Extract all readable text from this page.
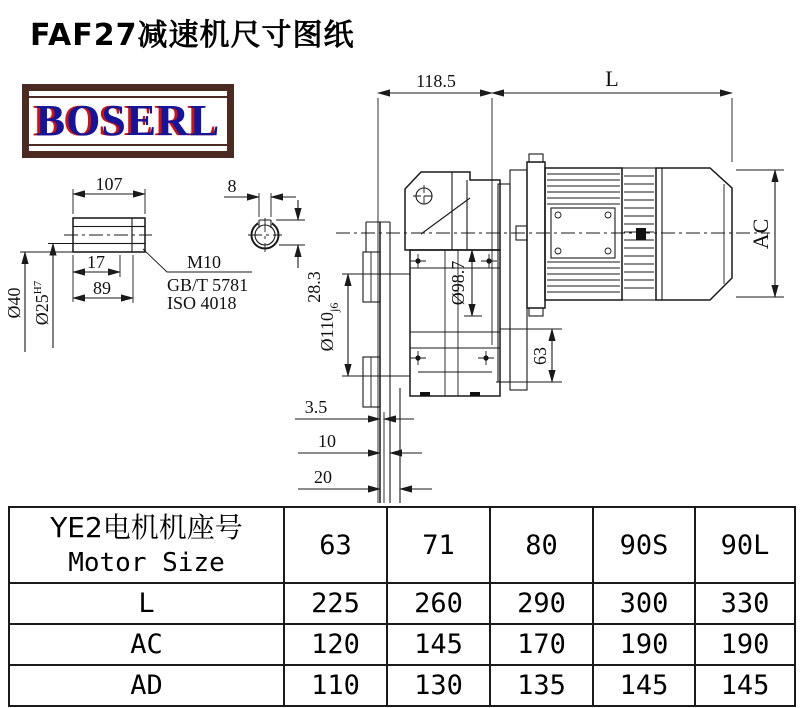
FAF27减速机尺寸图纸
BOSERL
107
Ø40 $Ø25^{H7}$
17
89
M10
GB/T 5781
ISO 4018
8
28.3
118.5	L
AC
$Ø110_{j6}$
Ø98.7
63
3.5
10
20
YE2电机机座号
Motor Size	63	71	80	90S	90L
L	225	260	290	300	330
AC	120	145	170	190	190
AD	110	130	135	145	145
